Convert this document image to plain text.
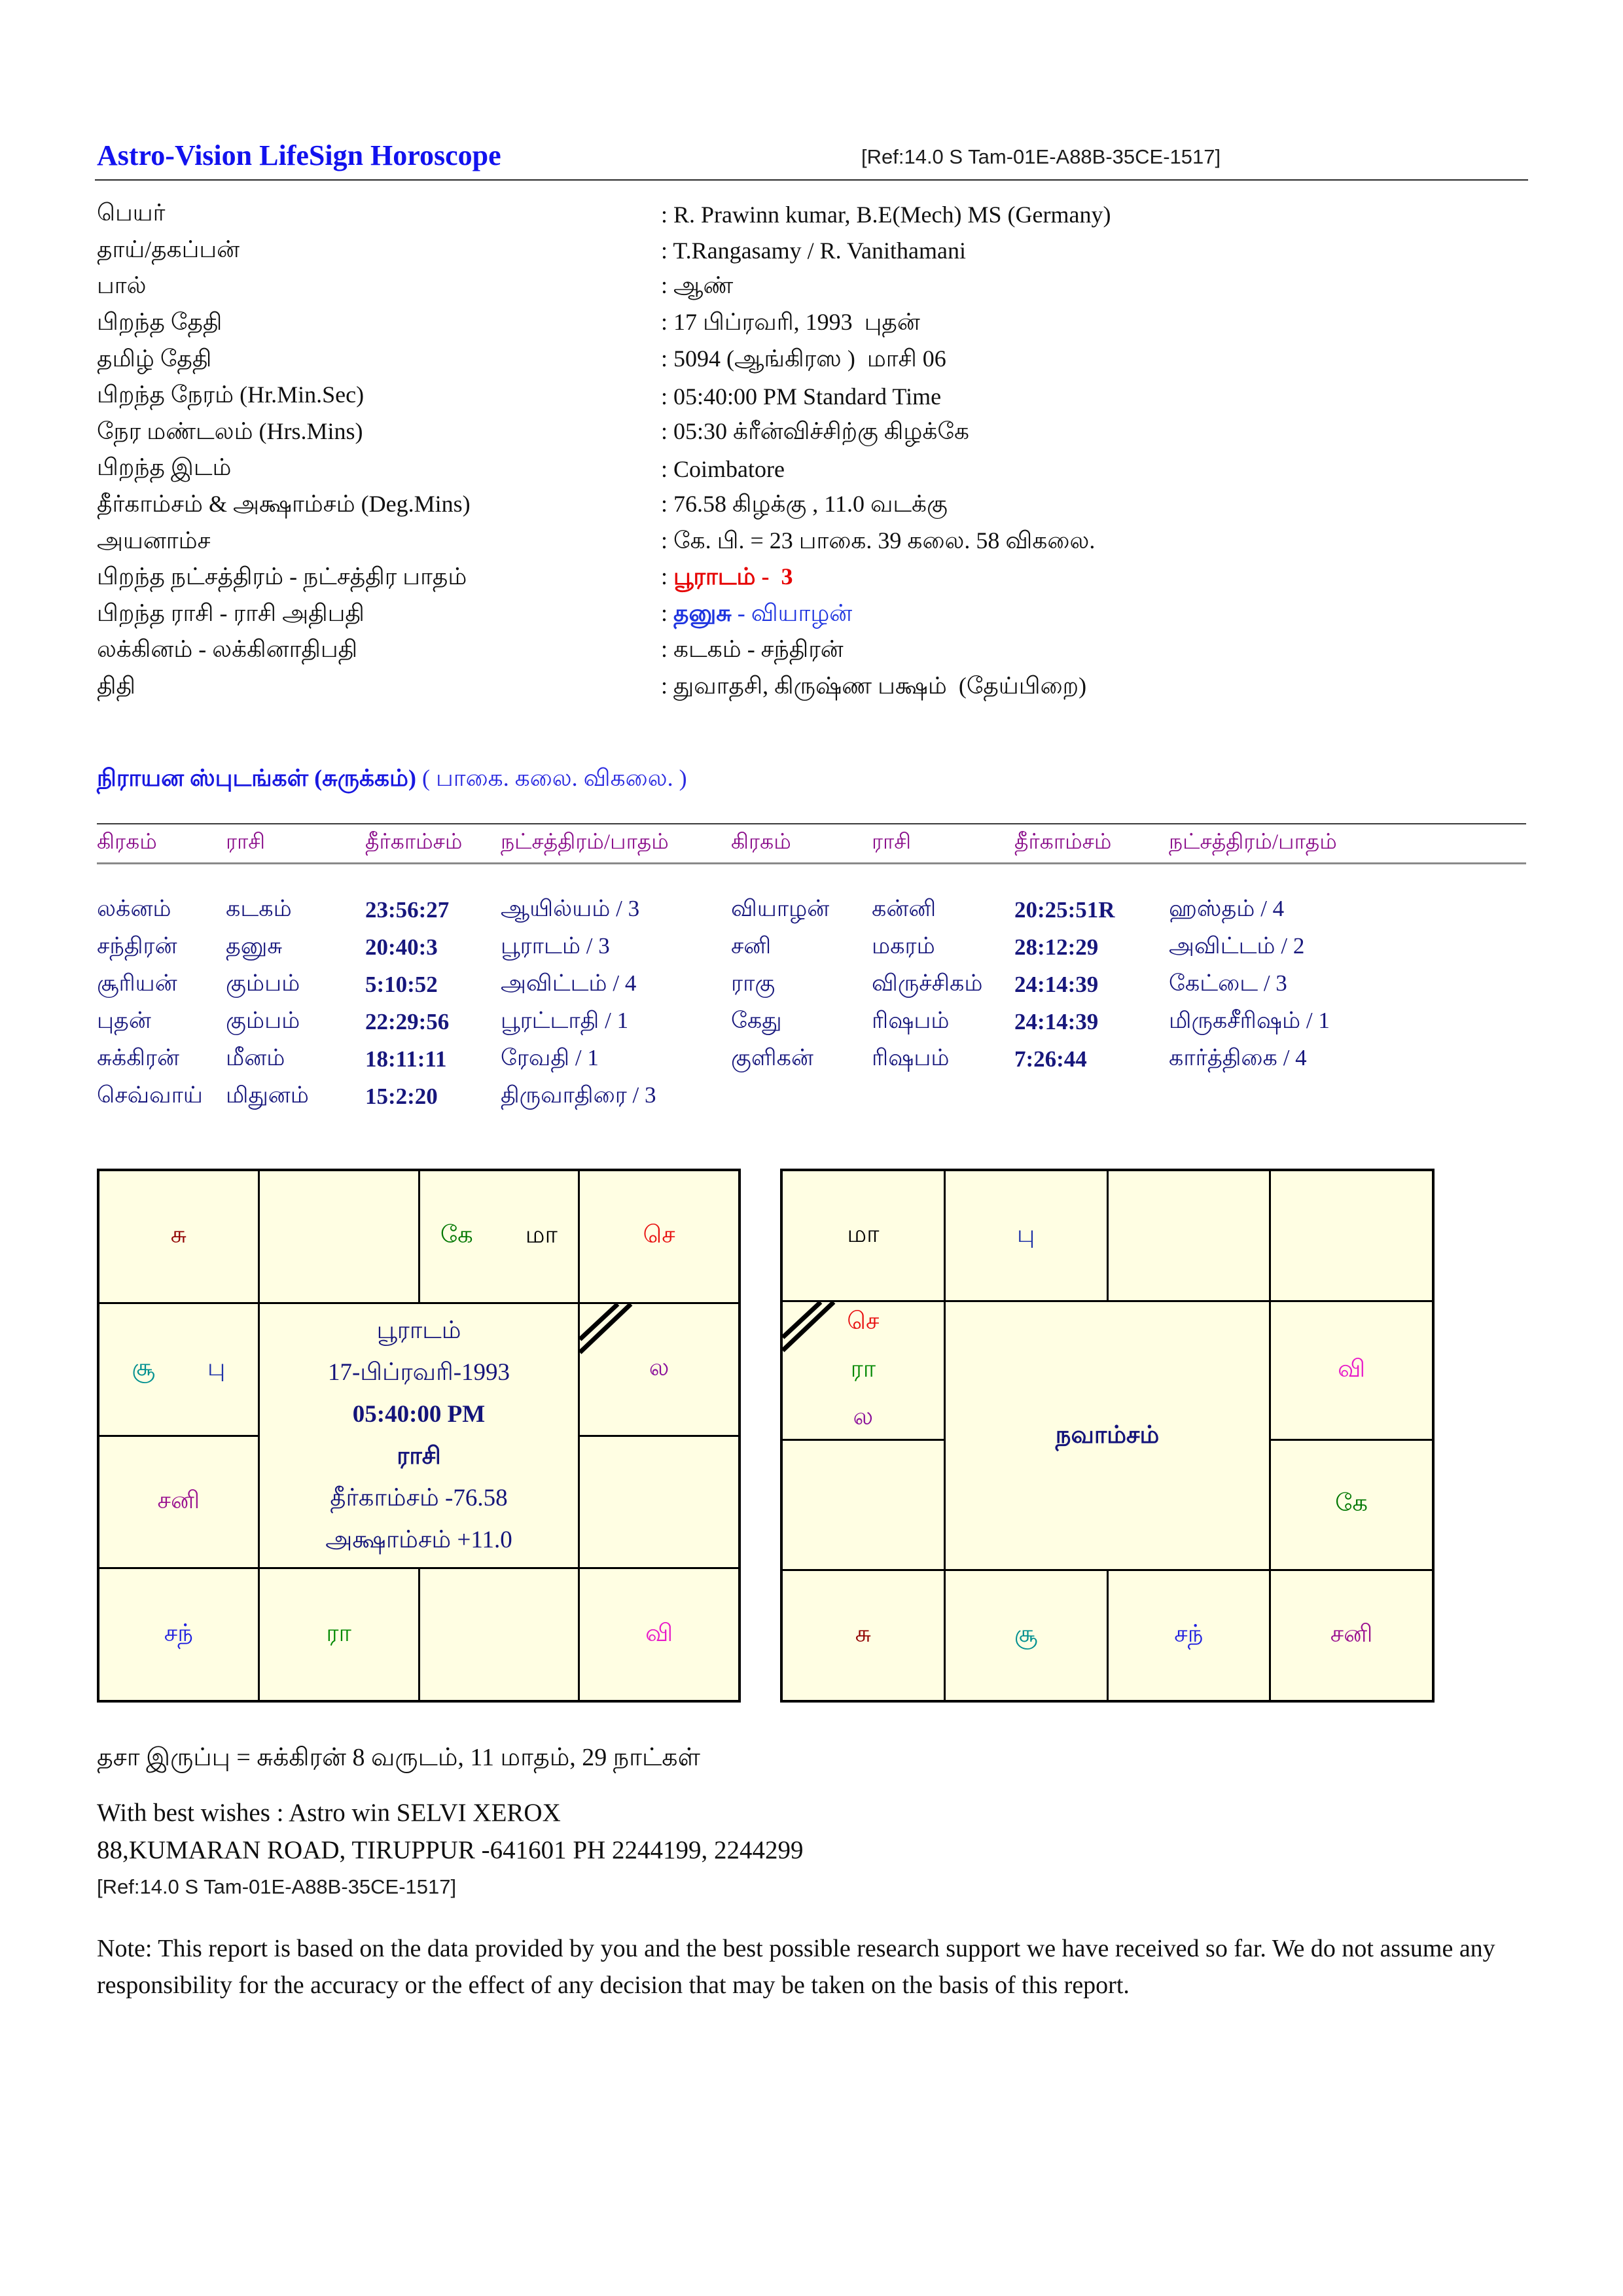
Astro-Vision LifeSign Horoscope	[Ref:14.0 S Tam-01E-A88B-35CE-1517]
பெயர்	: R. Prawinn kumar, B.E(Mech) MS (Germany)
தாய்/தகப்பன்	: T.Rangasamy / R. Vanithamani
பால்	: ஆண்
பிறந்த தேதி	: 17 பிப்ரவரி, 1993  புதன்
தமிழ் தேதி	: 5094 (ஆங்கிரஸ )  மாசி 06
பிறந்த நேரம் (Hr.Min.Sec)	: 05:40:00 PM Standard Time
நேர மண்டலம் (Hrs.Mins)	: 05:30 க்ரீன்விச்சிற்கு கிழக்கே
பிறந்த இடம்	: Coimbatore
தீர்காம்சம் & அக்ஷாம்சம் (Deg.Mins)	: 76.58 கிழக்கு , 11.0 வடக்கு
அயனாம்ச	: கே. பி. = 23 பாகை. 39 கலை. 58 விகலை.
பிறந்த நட்சத்திரம் - நட்சத்திர பாதம்	: பூராடம் -  3
பிறந்த ராசி - ராசி அதிபதி	: தனுசு - வியாழன்
லக்கினம் - லக்கினாதிபதி	: கடகம் - சந்திரன்
திதி	: துவாதசி, கிருஷ்ண பக்ஷம்  (தேய்பிறை)
நிராயன ஸ்புடங்கள் (சுருக்கம்) ( பாகை. கலை. விகலை. )
கிரகம்	ராசி	தீர்காம்சம்	நட்சத்திரம்/பாதம்	கிரகம்	ராசி	தீர்காம்சம்	நட்சத்திரம்/பாதம்
லக்னம்	கடகம்	23:56:27	ஆயில்யம் / 3	வியாழன்	கன்னி	20:25:51R	ஹஸ்தம் / 4
சந்திரன்	தனுசு	20:40:3	பூராடம் / 3	சனி	மகரம்	28:12:29	அவிட்டம் / 2
சூரியன்	கும்பம்	5:10:52	அவிட்டம் / 4	ராகு	விருச்சிகம்	24:14:39	கேட்டை / 3
புதன்	கும்பம்	22:29:56	பூரட்டாதி / 1	கேது	ரிஷபம்	24:14:39	மிருகசீரிஷம் / 1
சுக்கிரன்	மீனம்	18:11:11	ரேவதி / 1	குளிகன்	ரிஷபம்	7:26:44	கார்த்திகை / 4
செவ்வாய்	மிதுனம்	15:2:20	திருவாதிரை / 3
சு	கே மா	செ
சூ பு	ல
சனி
சந்	ரா	வி
பூராடம்
17-பிப்ரவரி-1993
05:40:00 PM
ராசி
தீர்காம்சம் -76.58
அக்ஷாம்சம் +11.0
மா	பு
செ
ரா
ல
வி
கே
சு	சூ	சந்	சனி
நவாம்சம்
தசா இருப்பு = சுக்கிரன் 8 வருடம், 11 மாதம், 29 நாட்கள்
With best wishes : Astro win SELVI XEROX
88,KUMARAN ROAD, TIRUPPUR -641601 PH 2244199, 2244299
[Ref:14.0 S Tam-01E-A88B-35CE-1517]
Note: This report is based on the data provided by you and the best possible research support we have received so far. We do not assume any responsibility for the accuracy or the effect of any decision that may be taken on the basis of this report.
